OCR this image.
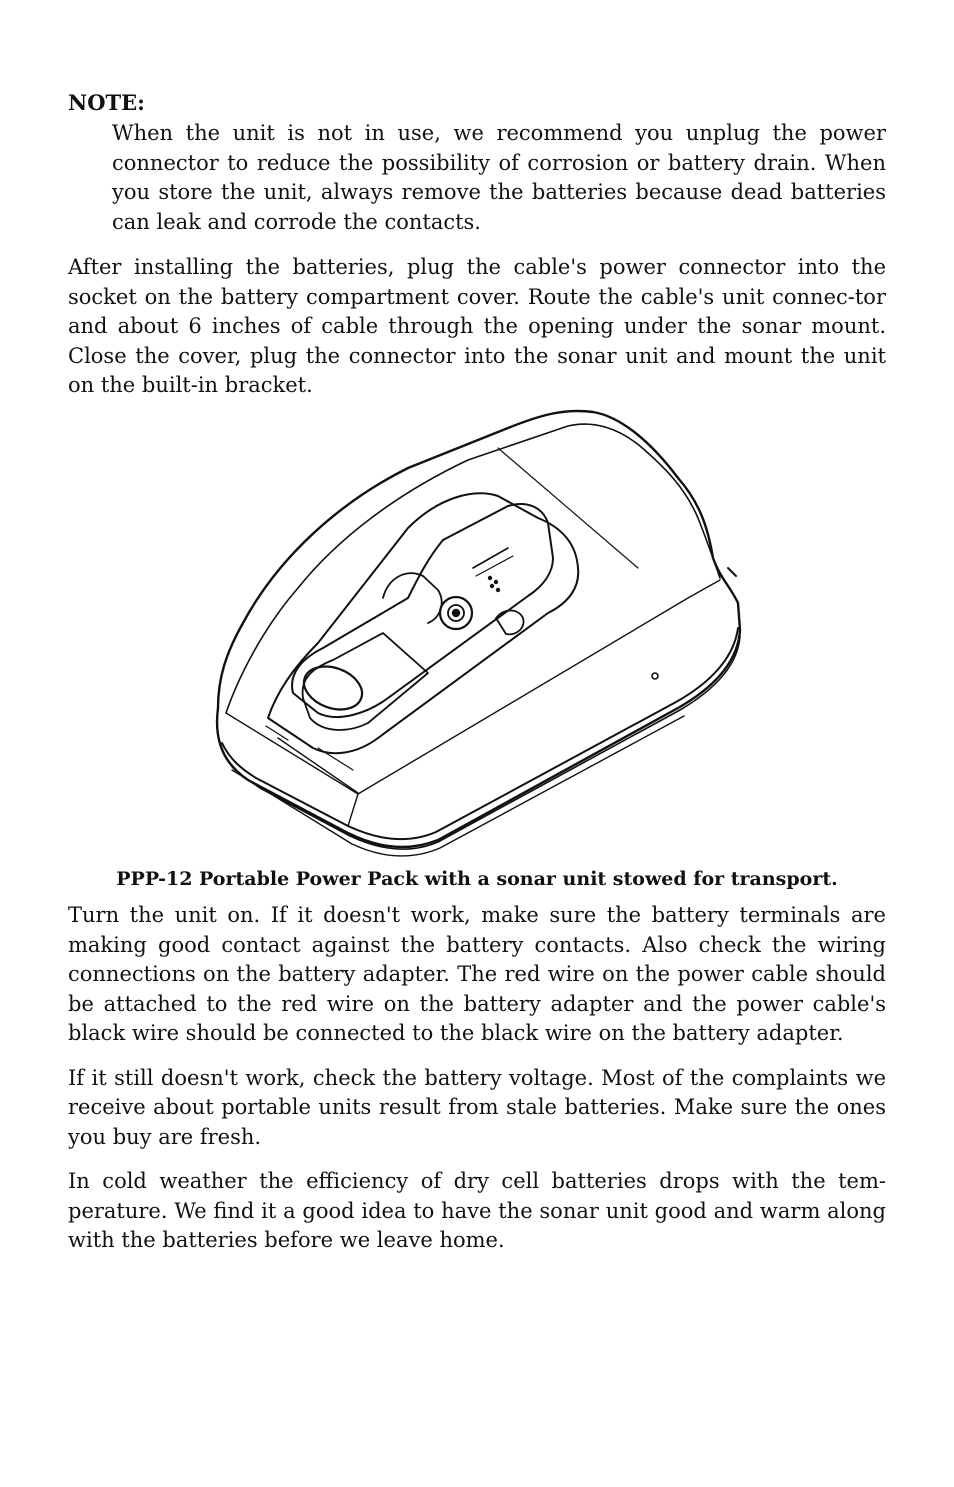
NOTE:

When the unit is not in use, we recommend you unplug the power connector to reduce the possibility of corrosion or battery drain. When you store the unit, always remove the batteries because dead batteries can leak and corrode the contacts.

After installing the batteries, plug the cable's power connector into the socket on the battery compartment cover. Route the cable's unit connec-tor and about 6 inches of cable through the opening under the sonar mount. Close the cover, plug the connector into the sonar unit and mount the unit on the built-in bracket.

PPP-12 Portable Power Pack with a sonar unit stowed for transport.

Turn the unit on. If it doesn't work, make sure the battery terminals are making good contact against the battery contacts. Also check the wiring connections on the battery adapter. The red wire on the power cable should be attached to the red wire on the battery adapter and the power cable's black wire should be connected to the black wire on the battery adapter.

If it still doesn't work, check the battery voltage. Most of the complaints we receive about portable units result from stale batteries. Make sure the ones you buy are fresh.

In cold weather the efficiency of dry cell batteries drops with the tem-perature. We find it a good idea to have the sonar unit good and warm along with the batteries before we leave home.
